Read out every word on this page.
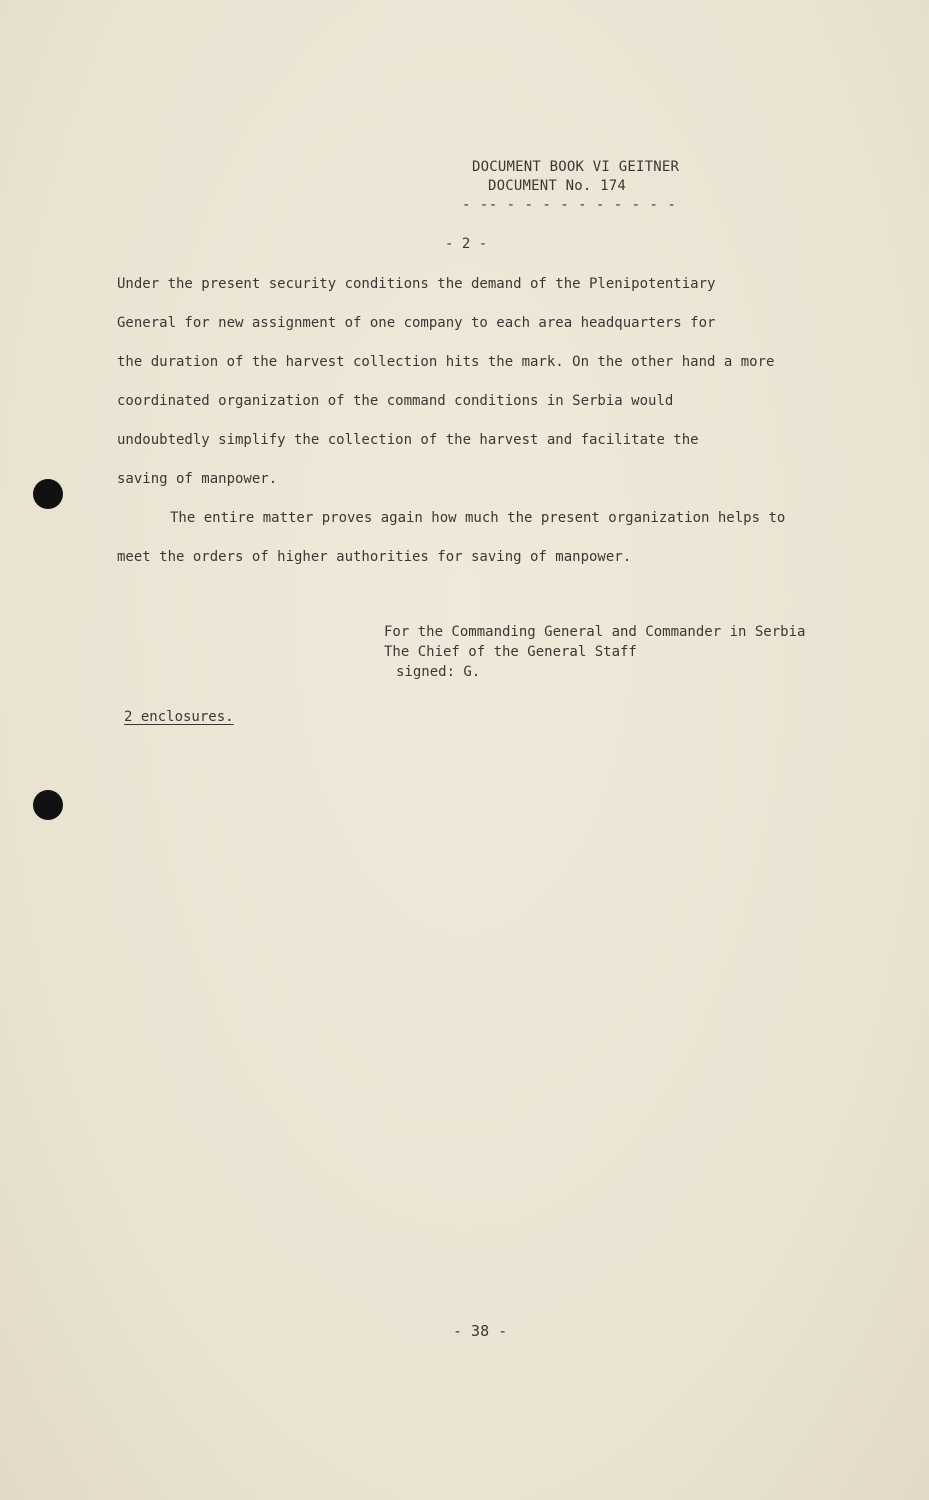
DOCUMENT BOOK VI GEITNER
DOCUMENT No. 174
- -- - - - - - - - - - -
- 2 -
Under the present security conditions the demand of the Plenipotentiary
General for new assignment of one company to each area headquarters for
the duration of the harvest collection hits the mark. On the other hand a more
coordinated organization of the command conditions in Serbia would
undoubtedly simplify the collection of the harvest and facilitate the
saving of manpower.
The entire matter proves again how much the present organization helps to
meet the orders of higher authorities for saving of manpower.
For the Commanding General and Commander in Serbia
The Chief of the General Staff
signed: G.
2 enclosures.
- 38 -
